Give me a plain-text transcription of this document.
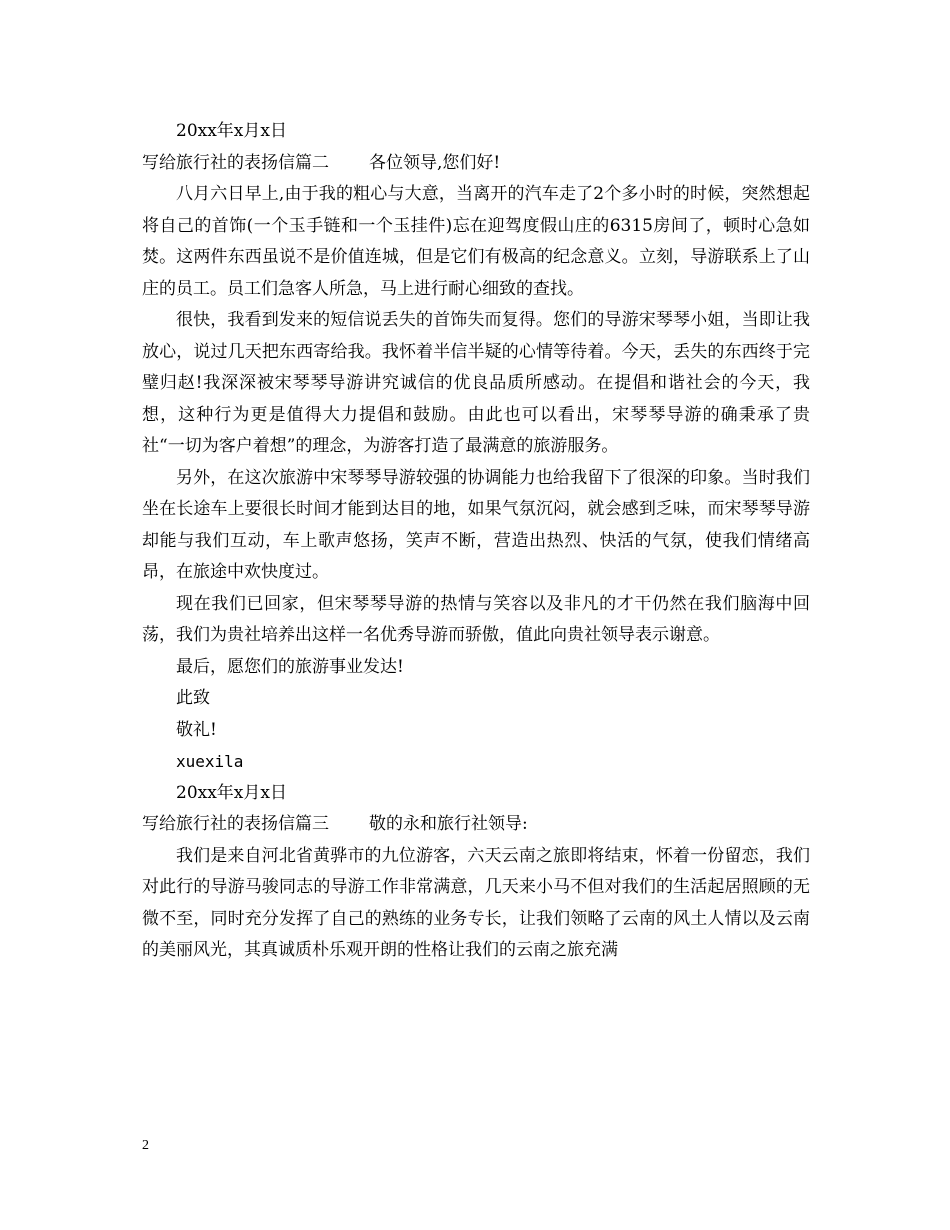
20xx年x月x日

写给旅行社的表扬信篇二 各位领导,您们好!

八月六日早上,由于我的粗心与大意，当离开的汽车走了2个多小时的时候，突然想起将自己的首饰(一个玉手链和一个玉挂件)忘在迎驾度假山庄的6315房间了，顿时心急如焚。这两件东西虽说不是价值连城，但是它们有极高的纪念意义。立刻，导游联系上了山庄的员工。员工们急客人所急，马上进行耐心细致的查找。

很快，我看到发来的短信说丢失的首饰失而复得。您们的导游宋琴琴小姐，当即让我放心，说过几天把东西寄给我。我怀着半信半疑的心情等待着。今天，丢失的东西终于完璧归赵!我深深被宋琴琴导游讲究诚信的优良品质所感动。在提倡和谐社会的今天，我想，这种行为更是值得大力提倡和鼓励。由此也可以看出，宋琴琴导游的确秉承了贵社“一切为客户着想”的理念，为游客打造了最满意的旅游服务。

另外，在这次旅游中宋琴琴导游较强的协调能力也给我留下了很深的印象。当时我们坐在长途车上要很长时间才能到达目的地，如果气氛沉闷，就会感到乏味，而宋琴琴导游却能与我们互动，车上歌声悠扬，笑声不断，营造出热烈、快活的气氛，使我们情绪高昂，在旅途中欢快度过。

现在我们已回家，但宋琴琴导游的热情与笑容以及非凡的才干仍然在我们脑海中回荡，我们为贵社培养出这样一名优秀导游而骄傲，值此向贵社领导表示谢意。

最后，愿您们的旅游事业发达!

此致

敬礼!

xuexila

20xx年x月x日

写给旅行社的表扬信篇三 敬的永和旅行社领导:

我们是来自河北省黄骅市的九位游客，六天云南之旅即将结束，怀着一份留恋，我们对此行的导游马骏同志的导游工作非常满意，几天来小马不但对我们的生活起居照顾的无微不至，同时充分发挥了自己的熟练的业务专长，让我们领略了云南的风土人情以及云南的美丽风光，其真诚质朴乐观开朗的性格让我们的云南之旅充满

2
